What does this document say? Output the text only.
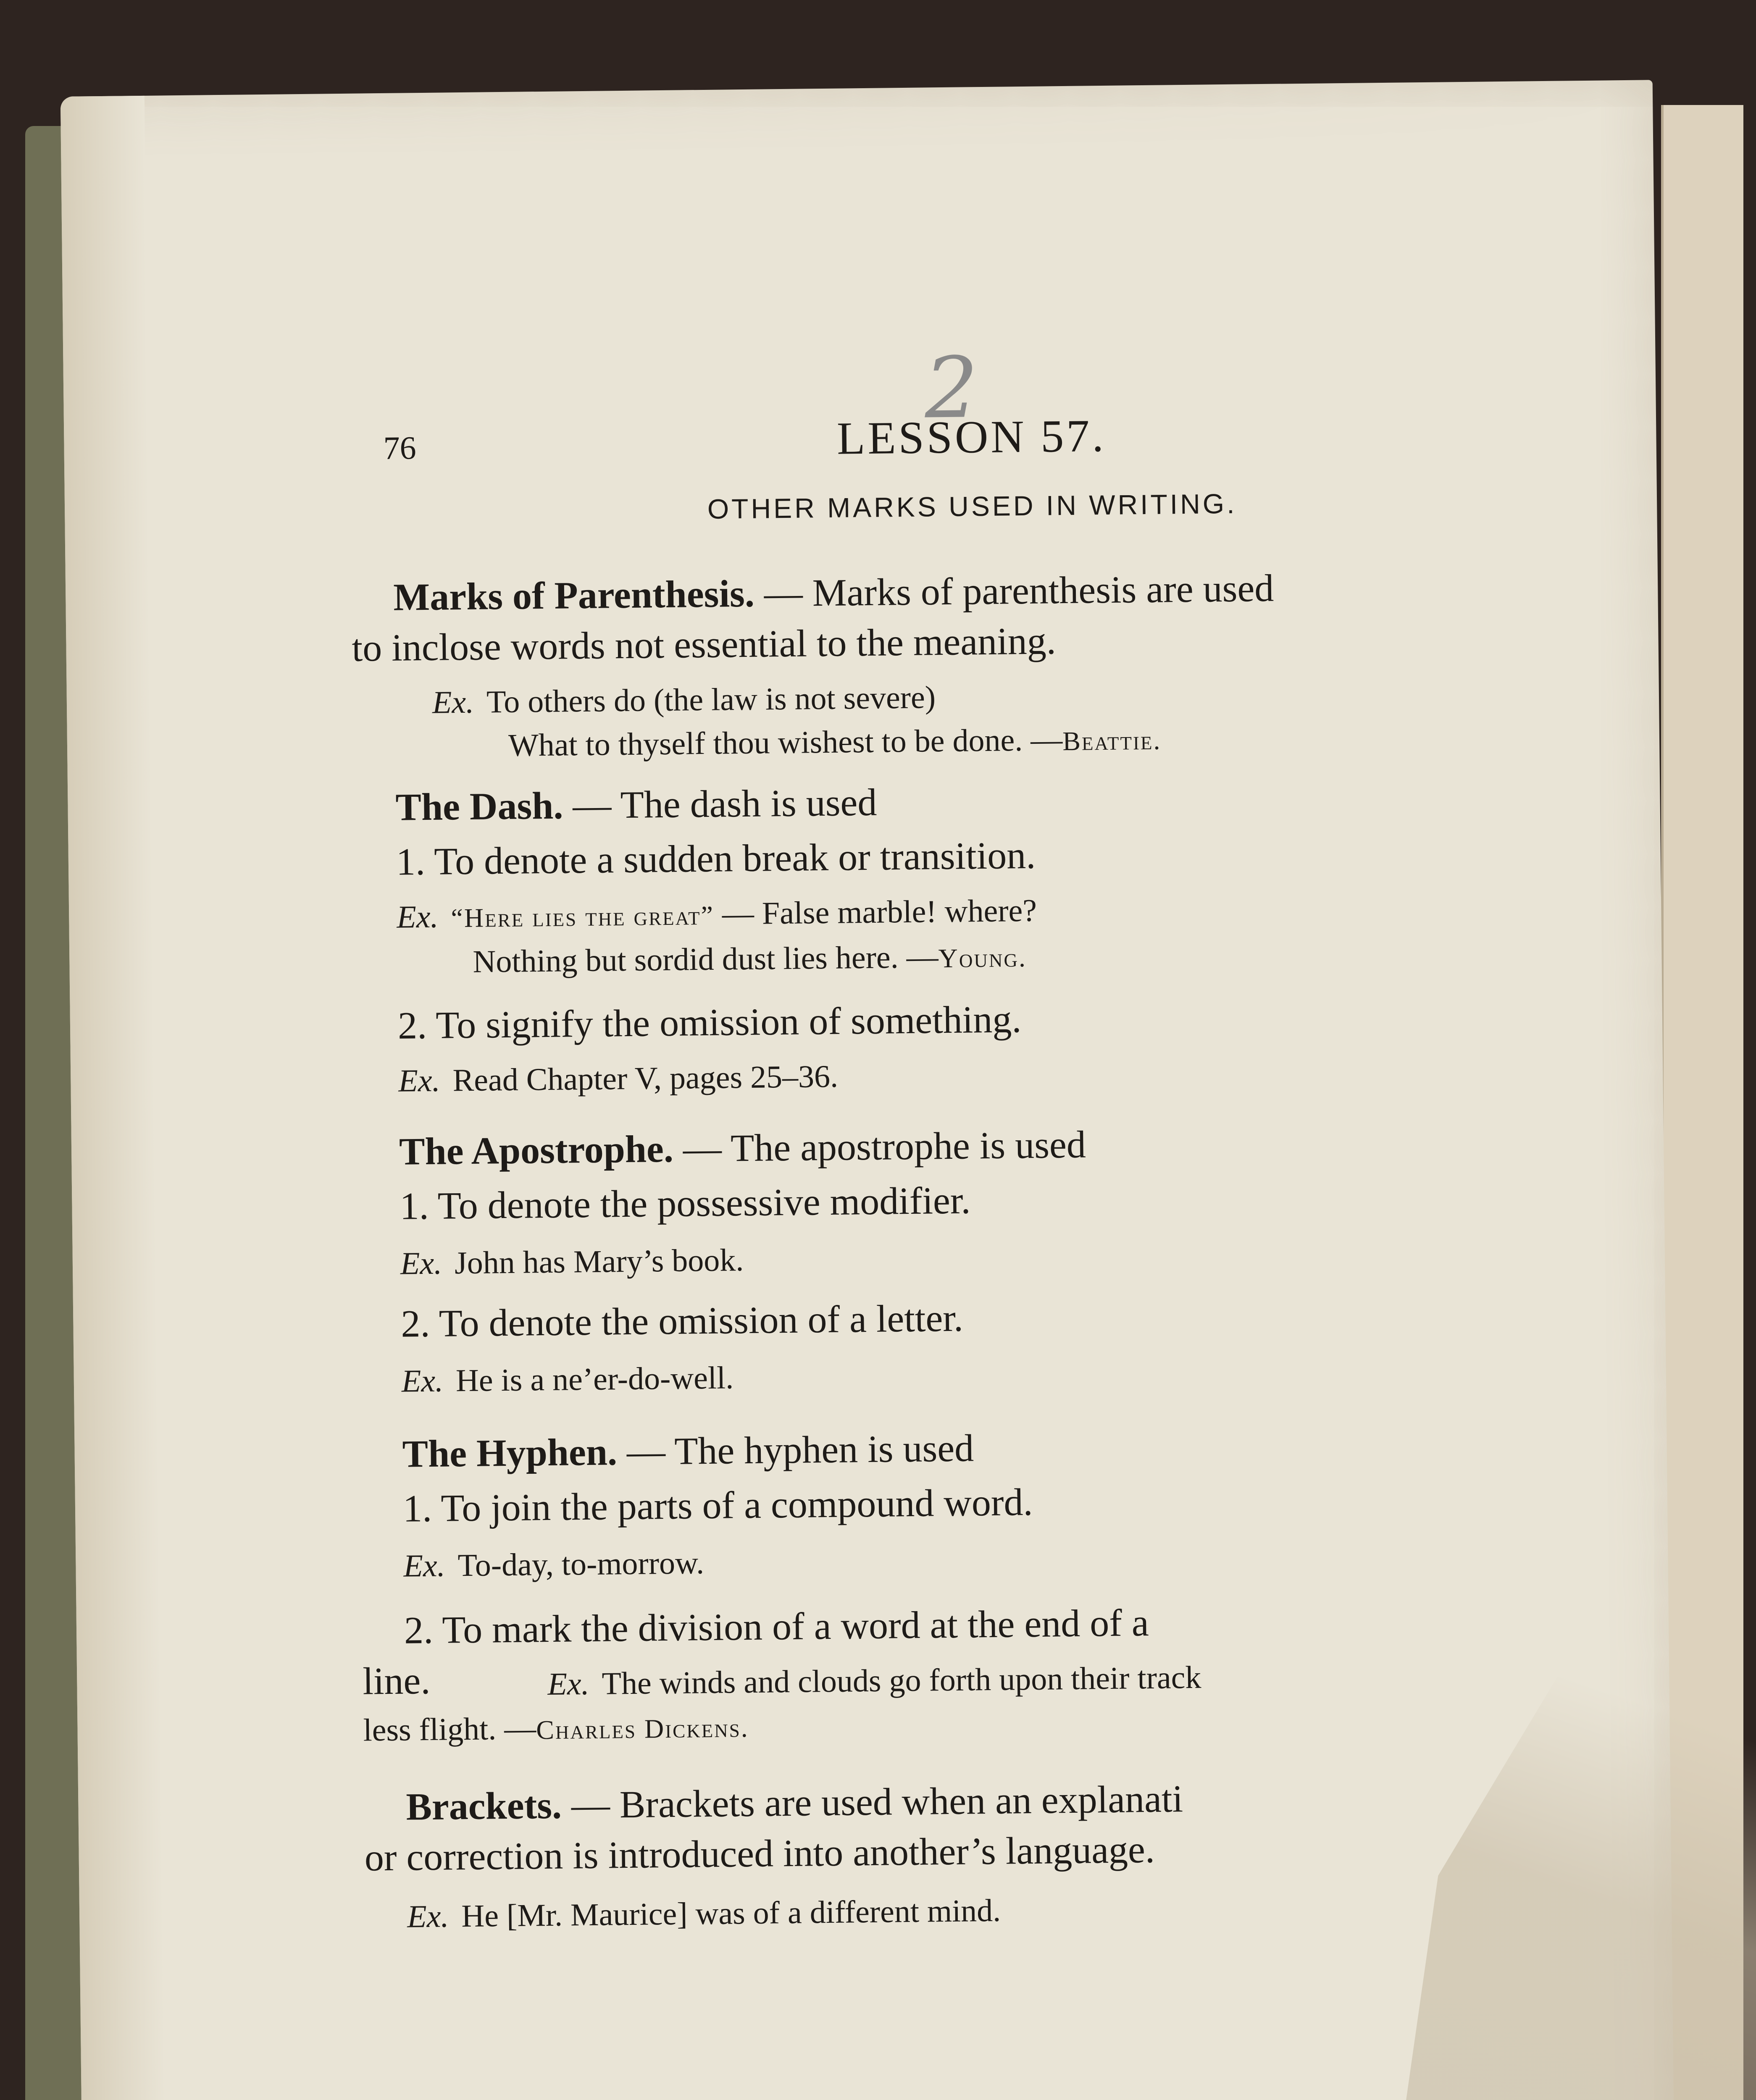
2
76	LESSON 57.
OTHER MARKS USED IN WRITING.
Marks of Parenthesis. — Marks of parenthesis are used
to inclose words not essential to the meaning.
Ex. To others do (the law is not severe)
What to thyself thou wishest to be done. —Beattie.
The Dash. — The dash is used
1. To denote a sudden break or transition.
Ex. “Here lies the great” — False marble! where?
Nothing but sordid dust lies here. —Young.
2. To signify the omission of something.
Ex. Read Chapter V, pages 25–36.
The Apostrophe. — The apostrophe is used
1. To denote the possessive modifier.
Ex. John has Mary’s book.
2. To denote the omission of a letter.
Ex. He is a ne’er-do-well.
The Hyphen. — The hyphen is used
1. To join the parts of a compound word.
Ex. To-day, to-morrow.
2. To mark the division of a word at the end of a
line.	Ex. The winds and clouds go forth upon their track
less flight. —Charles Dickens.
Brackets. — Brackets are used when an explanati
or correction is introduced into another’s language.
Ex. He [Mr. Maurice] was of a different mind.
